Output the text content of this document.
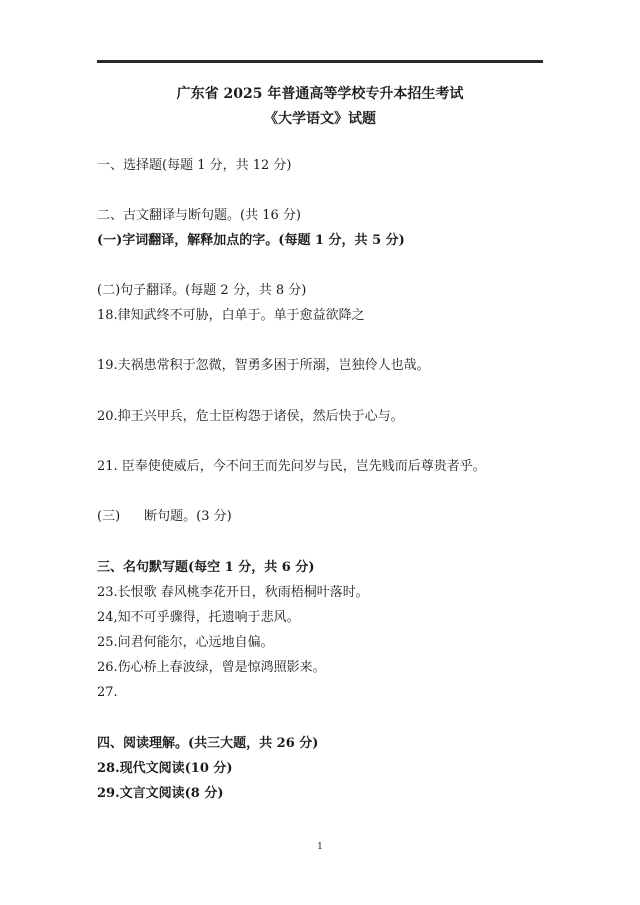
广东省 2025 年普通高等学校专升本招生考试
《大学语文》试题
一、选择题(每题 1 分，共 12 分)
二、古文翻译与断句题。(共 16 分)
(一)字词翻译，解释加点的字。(每题 1 分，共 5 分)
(二)句子翻译。(每题 2 分，共 8 分)
18.律知武终不可胁，白单于。单于愈益欲降之
19.夫祸患常积于忽微，智勇多困于所溺，岂独伶人也哉。
20.抑王兴甲兵，危士臣构怨于诸侯，然后快于心与。
21. 臣奉使使威后，今不问王而先问岁与民，岂先贱而后尊贵者乎。
(三) 断句题。(3 分)
三、名句默写题(每空 1 分，共 6 分)
23.长恨歌 春风桃李花开日，秋雨梧桐叶落时。
24,知不可乎骤得，托遗响于悲风。
25.问君何能尔，心远地自偏。
26.伤心桥上春波绿，曾是惊鸿照影来。
27.
四、阅读理解。(共三大题，共 26 分)
28.现代文阅读(10 分)
29.文言文阅读(8 分)
1
